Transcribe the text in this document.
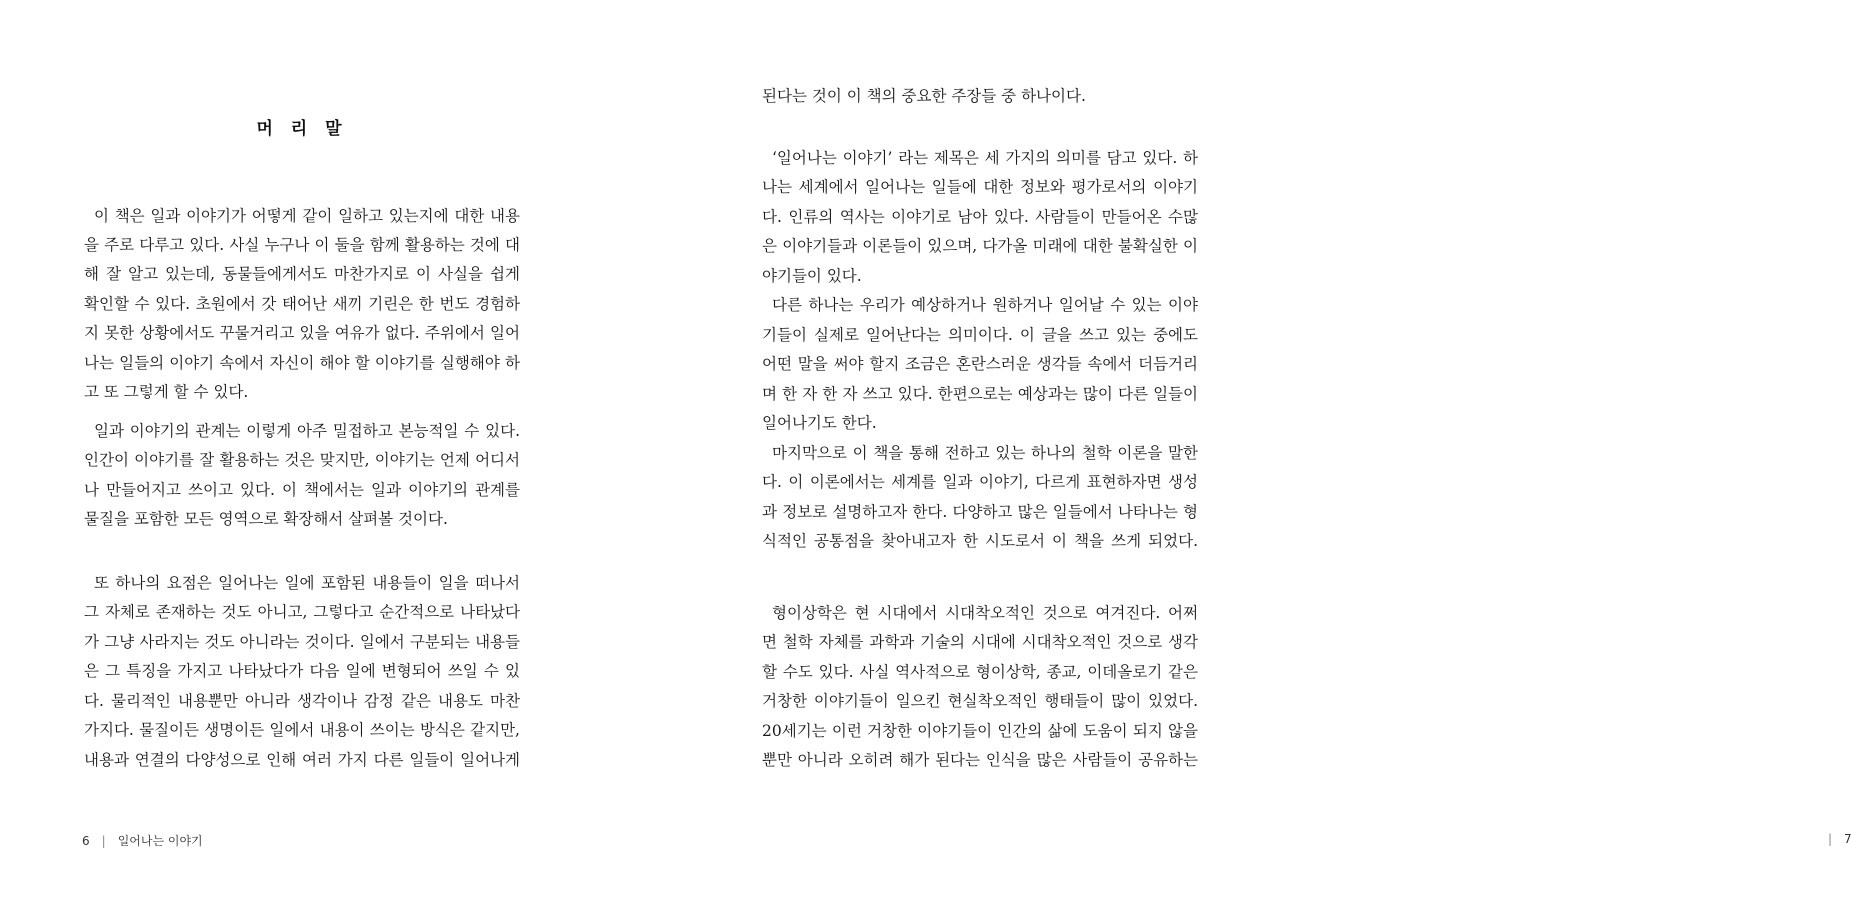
머 리 말
이 책은 일과 이야기가 어떻게 같이 일하고 있는지에 대한 내용
을 주로 다루고 있다. 사실 누구나 이 둘을 함께 활용하는 것에 대
해 잘 알고 있는데, 동물들에게서도 마찬가지로 이 사실을 쉽게
확인할 수 있다. 초원에서 갓 태어난 새끼 기린은 한 번도 경험하
지 못한 상황에서도 꾸물거리고 있을 여유가 없다. 주위에서 일어
나는 일들의 이야기 속에서 자신이 해야 할 이야기를 실행해야 하
고 또 그렇게 할 수 있다.
일과 이야기의 관계는 이렇게 아주 밀접하고 본능적일 수 있다.
인간이 이야기를 잘 활용하는 것은 맞지만, 이야기는 언제 어디서
나 만들어지고 쓰이고 있다. 이 책에서는 일과 이야기의 관계를
물질을 포함한 모든 영역으로 확장해서 살펴볼 것이다.
또 하나의 요점은 일어나는 일에 포함된 내용들이 일을 떠나서
그 자체로 존재하는 것도 아니고, 그렇다고 순간적으로 나타났다
가 그냥 사라지는 것도 아니라는 것이다. 일에서 구분되는 내용들
은 그 특징을 가지고 나타났다가 다음 일에 변형되어 쓰일 수 있
다. 물리적인 내용뿐만 아니라 생각이나 감정 같은 내용도 마찬
가지다. 물질이든 생명이든 일에서 내용이 쓰이는 방식은 같지만,
내용과 연결의 다양성으로 인해 여러 가지 다른 일들이 일어나게
6 | 일어나는 이야기
된다는 것이 이 책의 중요한 주장들 중 하나이다.
‘일어나는 이야기’ 라는 제목은 세 가지의 의미를 담고 있다. 하
나는 세계에서 일어나는 일들에 대한 정보와 평가로서의 이야기
다. 인류의 역사는 이야기로 남아 있다. 사람들이 만들어온 수많
은 이야기들과 이론들이 있으며, 다가올 미래에 대한 불확실한 이
야기들이 있다.
다른 하나는 우리가 예상하거나 원하거나 일어날 수 있는 이야
기들이 실제로 일어난다는 의미이다. 이 글을 쓰고 있는 중에도
어떤 말을 써야 할지 조금은 혼란스러운 생각들 속에서 더듬거리
며 한 자 한 자 쓰고 있다. 한편으로는 예상과는 많이 다른 일들이
일어나기도 한다.
마지막으로 이 책을 통해 전하고 있는 하나의 철학 이론을 말한
다. 이 이론에서는 세계를 일과 이야기, 다르게 표현하자면 생성
과 정보로 설명하고자 한다. 다양하고 많은 일들에서 나타나는 형
식적인 공통점을 찾아내고자 한 시도로서 이 책을 쓰게 되었다.
형이상학은 현 시대에서 시대착오적인 것으로 여겨진다. 어쩌
면 철학 자체를 과학과 기술의 시대에 시대착오적인 것으로 생각
할 수도 있다. 사실 역사적으로 형이상학, 종교, 이데올로기 같은
거창한 이야기들이 일으킨 현실착오적인 행태들이 많이 있었다.
20세기는 이런 거창한 이야기들이 인간의 삶에 도움이 되지 않을
뿐만 아니라 오히려 해가 된다는 인식을 많은 사람들이 공유하는
| 7
